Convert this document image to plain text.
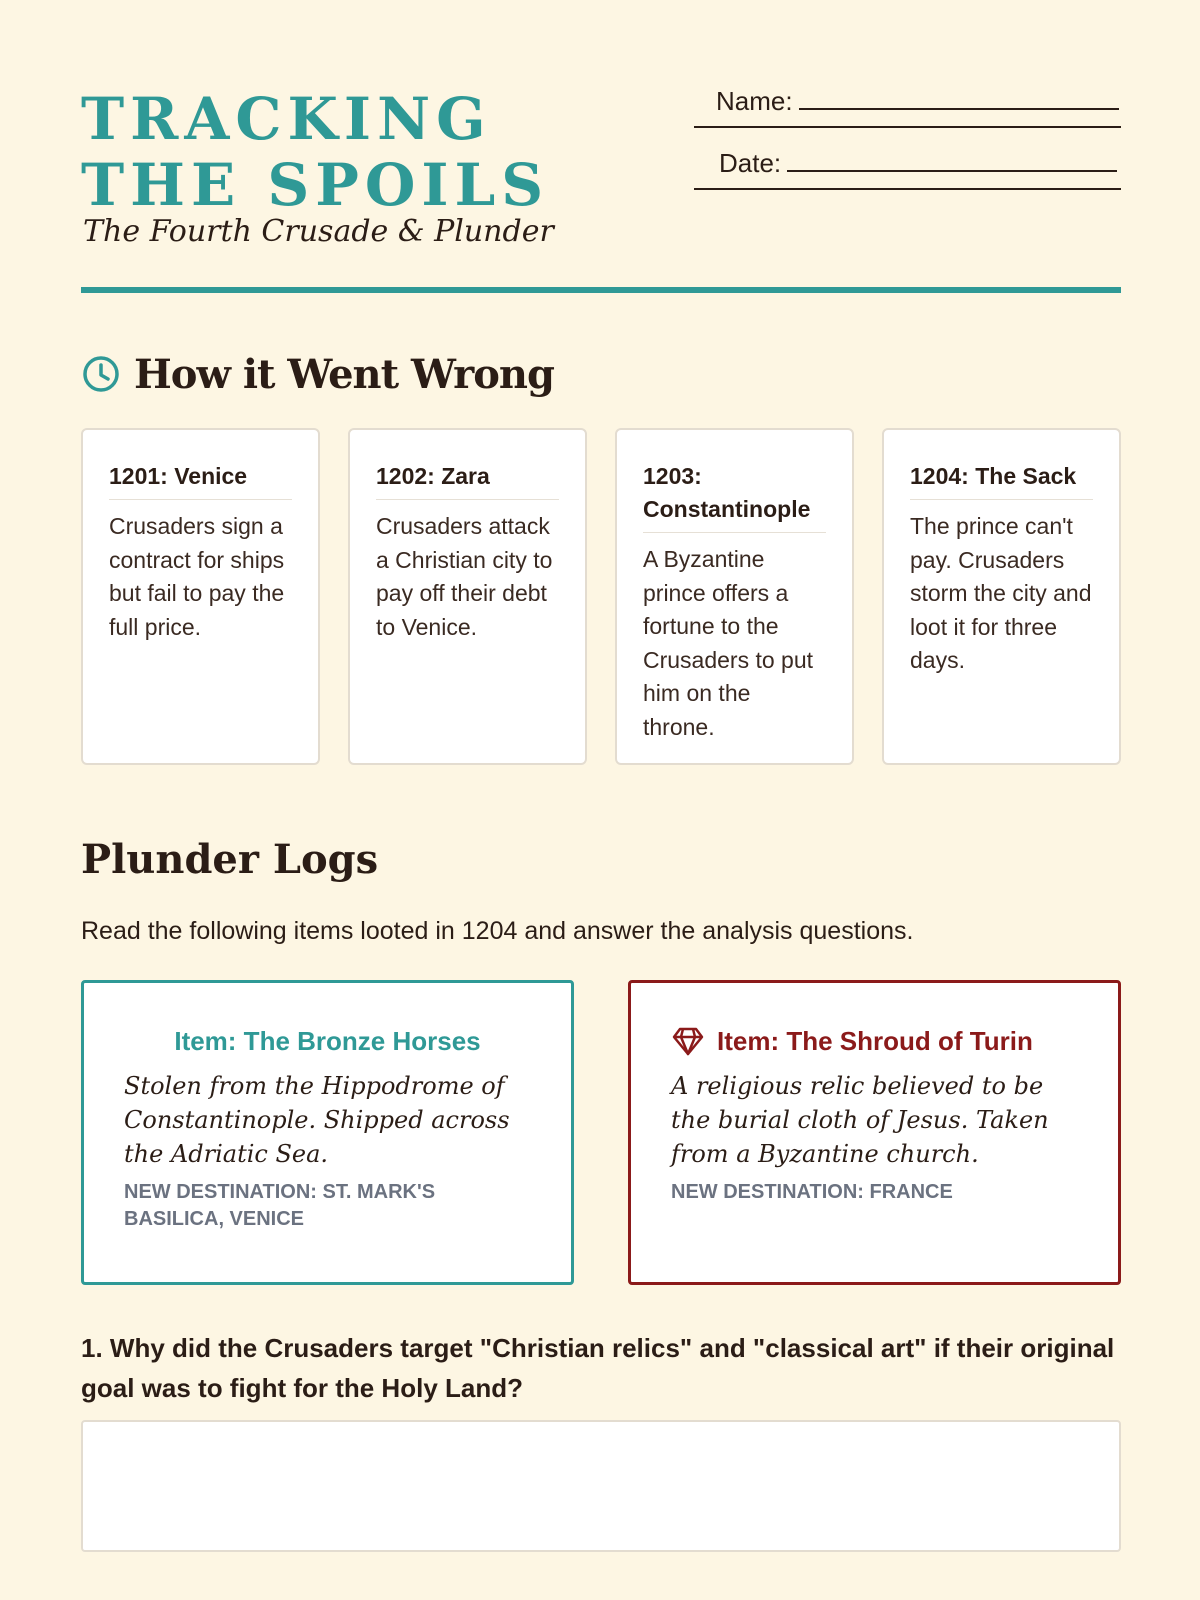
TRACKING THE SPOILS
The Fourth Crusade & Plunder
Name:
Date:
How it Went Wrong
1201: Venice
Crusaders sign a contract for ships but fail to pay the full price.
1202: Zara
Crusaders attack a Christian city to pay off their debt to Venice.
1203: Constantinople
A Byzantine prince offers a fortune to the Crusaders to put him on the throne.
1204: The Sack
The prince can't pay. Crusaders storm the city and loot it for three days.
Plunder Logs

Read the following items looted in 1204 and answer the analysis questions.

Item: The Bronze Horses
Stolen from the Hippodrome of Constantinople. Shipped across the Adriatic Sea.
NEW DESTINATION: ST. MARK'S BASILICA, VENICE
Item: The Shroud of Turin
A religious relic believed to be the burial cloth of Jesus. Taken from a Byzantine church.
NEW DESTINATION: FRANCE
1. Why did the Crusaders target "Christian relics" and "classical art" if their original goal was to fight for the Holy Land?
